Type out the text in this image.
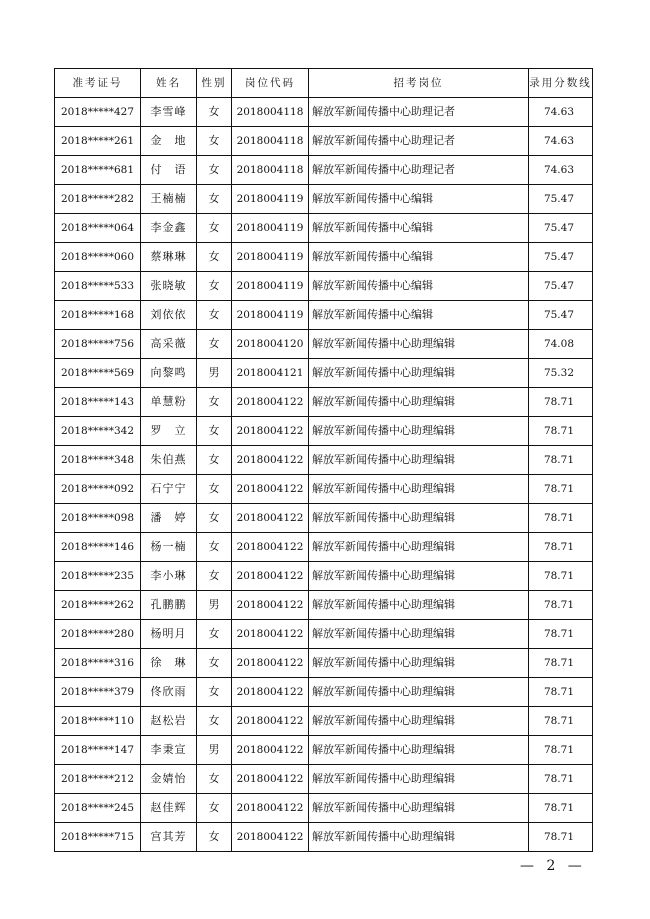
准考证号	姓名	性别	岗位代码	招考岗位	录用分数线
2018*****427	李雪峰	女	2018004118	解放军新闻传播中心助理记者	74.63
2018*****261	金　地	女	2018004118	解放军新闻传播中心助理记者	74.63
2018*****681	付　语	女	2018004118	解放军新闻传播中心助理记者	74.63
2018*****282	王楠楠	女	2018004119	解放军新闻传播中心编辑	75.47
2018*****064	李金鑫	女	2018004119	解放军新闻传播中心编辑	75.47
2018*****060	蔡琳琳	女	2018004119	解放军新闻传播中心编辑	75.47
2018*****533	张晓敏	女	2018004119	解放军新闻传播中心编辑	75.47
2018*****168	刘依依	女	2018004119	解放军新闻传播中心编辑	75.47
2018*****756	高采薇	女	2018004120	解放军新闻传播中心助理编辑	74.08
2018*****569	向黎鸣	男	2018004121	解放军新闻传播中心助理编辑	75.32
2018*****143	单慧粉	女	2018004122	解放军新闻传播中心助理编辑	78.71
2018*****342	罗　立	女	2018004122	解放军新闻传播中心助理编辑	78.71
2018*****348	朱伯燕	女	2018004122	解放军新闻传播中心助理编辑	78.71
2018*****092	石宁宁	女	2018004122	解放军新闻传播中心助理编辑	78.71
2018*****098	潘　婷	女	2018004122	解放军新闻传播中心助理编辑	78.71
2018*****146	杨一楠	女	2018004122	解放军新闻传播中心助理编辑	78.71
2018*****235	李小琳	女	2018004122	解放军新闻传播中心助理编辑	78.71
2018*****262	孔鹏鹏	男	2018004122	解放军新闻传播中心助理编辑	78.71
2018*****280	杨明月	女	2018004122	解放军新闻传播中心助理编辑	78.71
2018*****316	徐　琳	女	2018004122	解放军新闻传播中心助理编辑	78.71
2018*****379	佟欣雨	女	2018004122	解放军新闻传播中心助理编辑	78.71
2018*****110	赵松岩	女	2018004122	解放军新闻传播中心助理编辑	78.71
2018*****147	李秉宣	男	2018004122	解放军新闻传播中心助理编辑	78.71
2018*****212	金婧怡	女	2018004122	解放军新闻传播中心助理编辑	78.71
2018*****245	赵佳辉	女	2018004122	解放军新闻传播中心助理编辑	78.71
2018*****715	宫其芳	女	2018004122	解放军新闻传播中心助理编辑	78.71
— 2 —
